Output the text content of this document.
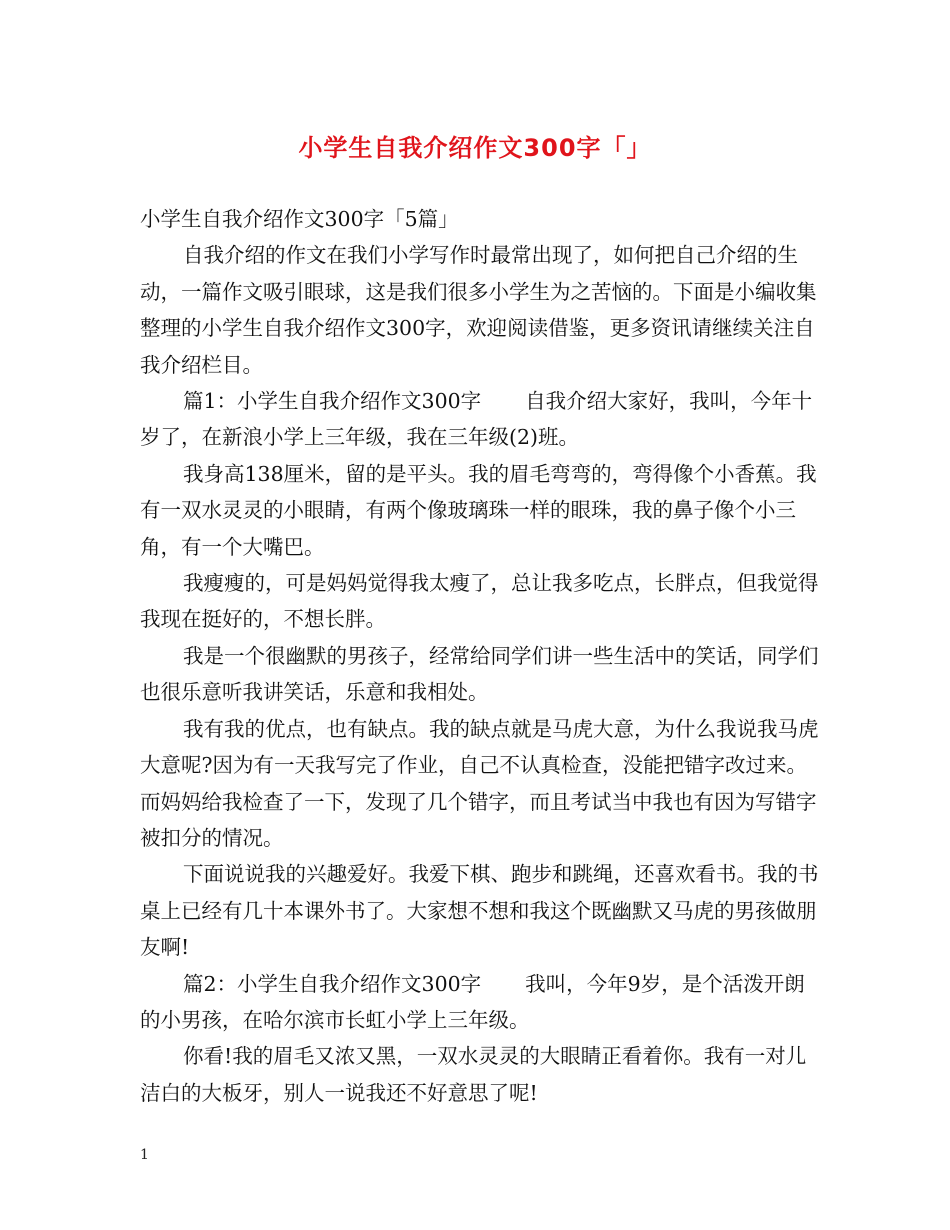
小学生自我介绍作文300字「」

小学生自我介绍作文300字「5篇」

自我介绍的作文在我们小学写作时最常出现了，如何把自己介绍的生动，一篇作文吸引眼球，这是我们很多小学生为之苦恼的。下面是小编收集整理的小学生自我介绍作文300字，欢迎阅读借鉴，更多资讯请继续关注自我介绍栏目。

篇1：小学生自我介绍作文300字 自我介绍大家好，我叫，今年十岁了，在新浪小学上三年级，我在三年级(2)班。

我身高138厘米，留的是平头。我的眉毛弯弯的，弯得像个小香蕉。我有一双水灵灵的小眼睛，有两个像玻璃珠一样的眼珠，我的鼻子像个小三角，有一个大嘴巴。

我瘦瘦的，可是妈妈觉得我太瘦了，总让我多吃点，长胖点，但我觉得我现在挺好的，不想长胖。

我是一个很幽默的男孩子，经常给同学们讲一些生活中的笑话，同学们也很乐意听我讲笑话，乐意和我相处。

我有我的优点，也有缺点。我的缺点就是马虎大意，为什么我说我马虎大意呢?因为有一天我写完了作业，自己不认真检查，没能把错字改过来。而妈妈给我检查了一下，发现了几个错字，而且考试当中我也有因为写错字被扣分的情况。

下面说说我的兴趣爱好。我爱下棋、跑步和跳绳，还喜欢看书。我的书桌上已经有几十本课外书了。大家想不想和我这个既幽默又马虎的男孩做朋友啊!

篇2：小学生自我介绍作文300字 我叫，今年9岁，是个活泼开朗的小男孩，在哈尔滨市长虹小学上三年级。

你看!我的眉毛又浓又黑，一双水灵灵的大眼睛正看着你。我有一对儿洁白的大板牙，别人一说我还不好意思了呢!

1
